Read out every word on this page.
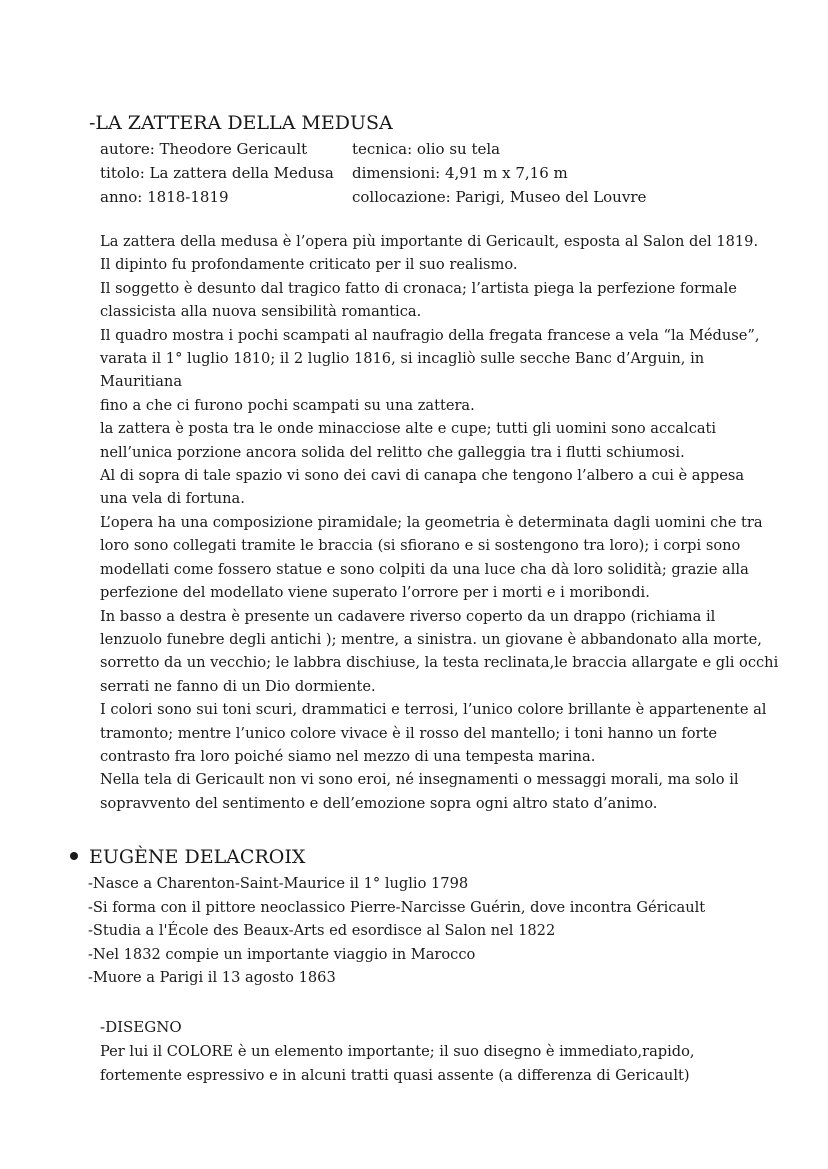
-LA ZATTERA DELLA MEDUSA
autore: Theodore Gericault
titolo: La zattera della Medusa
anno: 1818-1819
tecnica: olio su tela
dimensioni: 4,91 m x 7,16 m
collocazione: Parigi, Museo del Louvre

La zattera della medusa è l’opera più importante di Gericault, esposta al Salon del 1819.

Il dipinto fu profondamente criticato per il suo realismo.

Il soggetto è desunto dal tragico fatto di cronaca; l’artista piega la perfezione formale

classicista alla nuova sensibilità romantica.

Il quadro mostra i pochi scampati al naufragio della fregata francese a vela “la Méduse”,

varata il 1° luglio 1810; il 2 luglio 1816, si incagliò sulle secche Banc d’Arguin, in Mauritiana

fino a che ci furono pochi scampati su una zattera.

la zattera è posta tra le onde minacciose alte e cupe; tutti gli uomini sono accalcati

nell’unica porzione ancora solida del relitto che galleggia tra i flutti schiumosi.

Al di sopra di tale spazio vi sono dei cavi di canapa che tengono l’albero a cui è appesa

una vela di fortuna.

L’opera ha una composizione piramidale; la geometria è determinata dagli uomini che tra

loro sono collegati tramite le braccia (si sfiorano e si sostengono tra loro); i corpi sono

modellati come fossero statue e sono colpiti da una luce cha dà loro solidità; grazie alla

perfezione del modellato viene superato l’orrore per i morti e i moribondi.

In basso a destra è presente un cadavere riverso coperto da un drappo (richiama il

lenzuolo funebre degli antichi ); mentre, a sinistra. un giovane è abbandonato alla morte,

sorretto da un vecchio; le labbra dischiuse, la testa reclinata,le braccia allargate e gli occhi

serrati ne fanno di un Dio dormiente.

I colori sono sui toni scuri, drammatici e terrosi, l’unico colore brillante è appartenente al

tramonto; mentre l’unico colore vivace è il rosso del mantello; i toni hanno un forte

contrasto fra loro poiché siamo nel mezzo di una tempesta marina.

Nella tela di Gericault non vi sono eroi, né insegnamenti o messaggi morali, ma solo il

sopravvento del sentimento e dell’emozione sopra ogni altro stato d’animo.

EUGÈNE DELACROIX
-Nasce a Charenton-Saint-Maurice il 1° luglio 1798
-Si forma con il pittore neoclassico Pierre-Narcisse Guérin, dove incontra Géricault
-Studia a l'École des Beaux-Arts ed esordisce al Salon nel 1822
-Nel 1832 compie un importante viaggio in Marocco
-Muore a Parigi il 13 agosto 1863
-DISEGNO
Per lui il COLORE è un elemento importante; il suo disegno è immediato,rapido,
fortemente espressivo e in alcuni tratti quasi assente (a differenza di Gericault)
